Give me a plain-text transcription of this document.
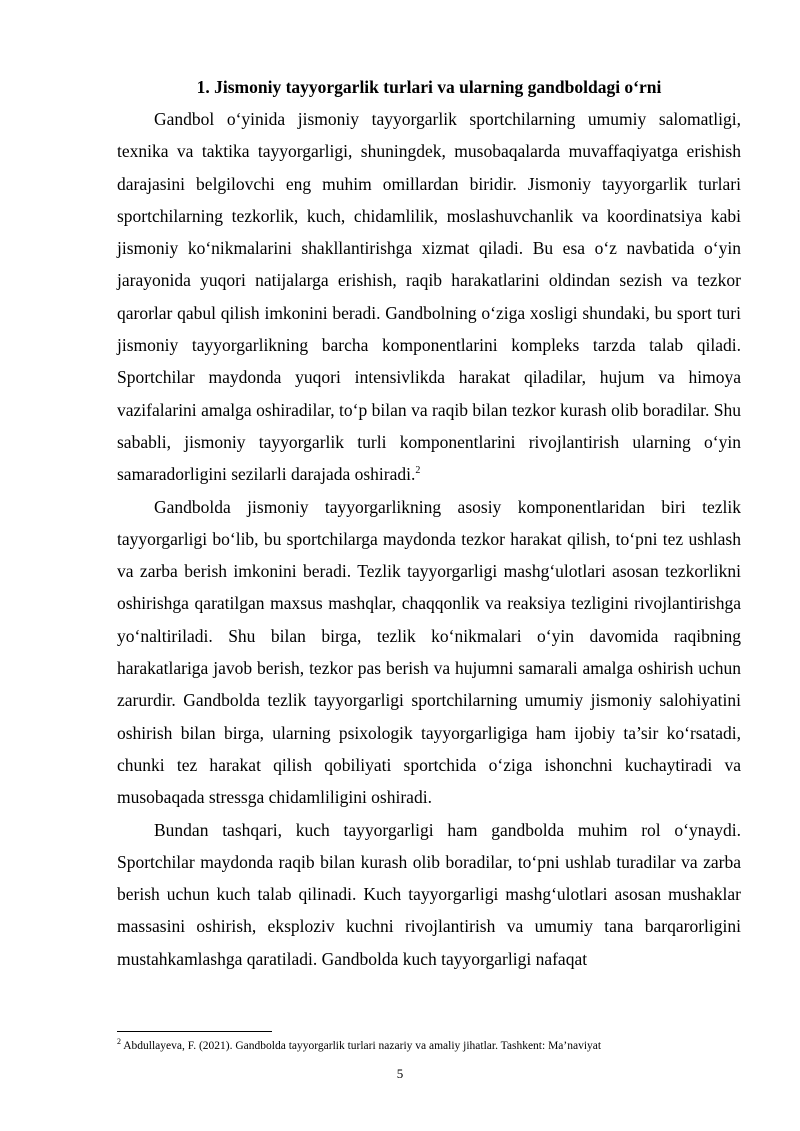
1. Jismoniy tayyorgarlik turlari va ularning gandboldagi o‘rni

Gandbol o‘yinida jismoniy tayyorgarlik sportchilarning umumiy salomatligi, texnika va taktika tayyorgarligi, shuningdek, musobaqalarda muvaffaqiyatga erishish darajasini belgilovchi eng muhim omillardan biridir. Jismoniy tayyorgarlik turlari sportchilarning tezkorlik, kuch, chidamlilik, moslashuvchanlik va koordinatsiya kabi jismoniy ko‘nikmalarini shakllantirishga xizmat qiladi. Bu esa o‘z navbatida o‘yin jarayonida yuqori natijalarga erishish, raqib harakatlarini oldindan sezish va tezkor qarorlar qabul qilish imkonini beradi. Gandbolning o‘ziga xosligi shundaki, bu sport turi jismoniy tayyorgarlikning barcha komponentlarini kompleks tarzda talab qiladi. Sportchilar maydonda yuqori intensivlikda harakat qiladilar, hujum va himoya vazifalarini amalga oshiradilar, to‘p bilan va raqib bilan tezkor kurash olib boradilar. Shu sababli, jismoniy tayyorgarlik turli komponentlarini rivojlantirish ularning o‘yin samaradorligini sezilarli darajada oshiradi.$^2$

Gandbolda jismoniy tayyorgarlikning asosiy komponentlaridan biri tezlik tayyorgarligi bo‘lib, bu sportchilarga maydonda tezkor harakat qilish, to‘pni tez ushlash va zarba berish imkonini beradi. Tezlik tayyorgarligi mashg‘ulotlari asosan tezkorlikni oshirishga qaratilgan maxsus mashqlar, chaqqonlik va reaksiya tezligini rivojlantirishga yo‘naltiriladi. Shu bilan birga, tezlik ko‘nikmalari o‘yin davomida raqibning harakatlariga javob berish, tezkor pas berish va hujumni samarali amalga oshirish uchun zarurdir. Gandbolda tezlik tayyorgarligi sportchilarning umumiy jismoniy salohiyatini oshirish bilan birga, ularning psixologik tayyorgarligiga ham ijobiy ta’sir ko‘rsatadi, chunki tez harakat qilish qobiliyati sportchida o‘ziga ishonchni kuchaytiradi va musobaqada stressga chidamliligini oshiradi.

Bundan tashqari, kuch tayyorgarligi ham gandbolda muhim rol o‘ynaydi. Sportchilar maydonda raqib bilan kurash olib boradilar, to‘pni ushlab turadilar va zarba berish uchun kuch talab qilinadi. Kuch tayyorgarligi mashg‘ulotlari asosan mushaklar massasini oshirish, eksploziv kuchni rivojlantirish va umumiy tana barqarorligini mustahkamlashga qaratiladi. Gandbolda kuch tayyorgarligi nafaqat

$^2$ Abdullayeva, F. (2021). Gandbolda tayyorgarlik turlari nazariy va amaliy jihatlar. Tashkent: Ma’naviyat
5
